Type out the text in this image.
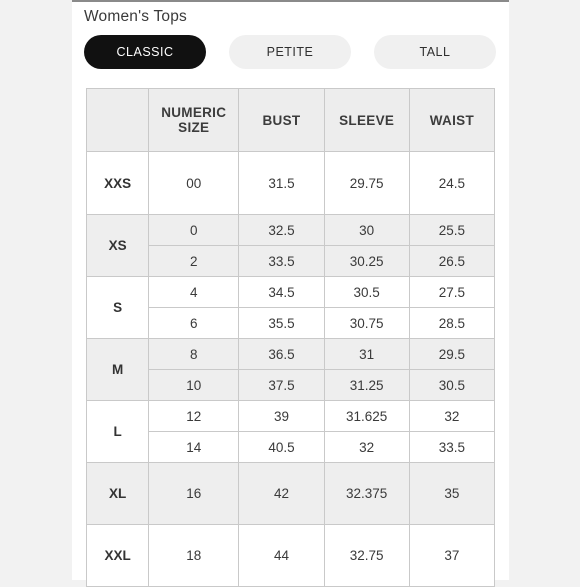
Women's Tops
CLASSIC	PETITE	TALL
	NUMERIC SIZE	BUST	SLEEVE	WAIST
XXS	00	31.5	29.75	24.5
XS	0	32.5	30	25.5
	2	33.5	30.25	26.5
S	4	34.5	30.5	27.5
	6	35.5	30.75	28.5
M	8	36.5	31	29.5
	10	37.5	31.25	30.5
L	12	39	31.625	32
	14	40.5	32	33.5
XL	16	42	32.375	35
XXL	18	44	32.75	37
